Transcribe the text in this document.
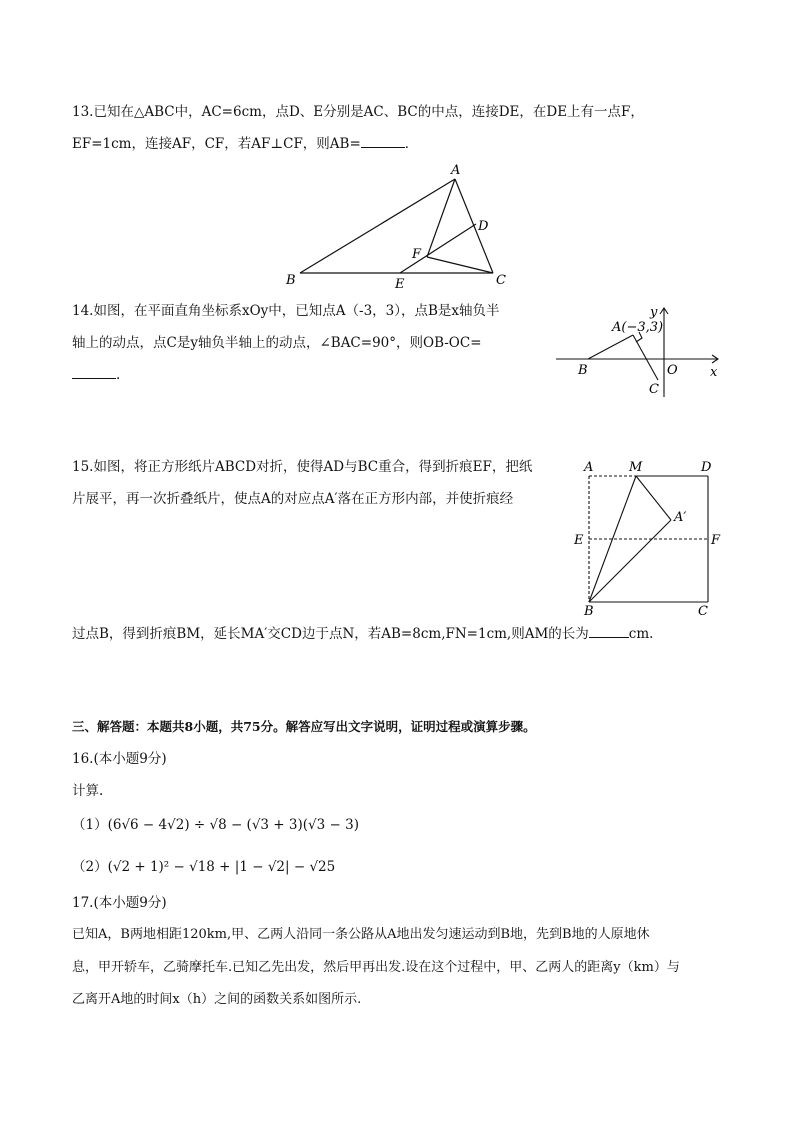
13.已知在△ABC中，AC=6cm，点D、E分别是AC、BC的中点，连接DE，在DE上有一点F，
EF=1cm，连接AF，CF，若AF⊥CF，则AB=	．
A
B	C
D
E
F
14.如图，在平面直角坐标系xOy中，已知点A（-3，3），点B是x轴负半
轴上的动点，点C是y轴负半轴上的动点，∠BAC=90°，则OB-OC=
.
y
A(−3,3)
B	O x
C
15.如图，将正方形纸片ABCD对折，使得AD与BC重合，得到折痕EF，把纸
片展平，再一次折叠纸片，使点A的对应点A′落在正方形内部，并使折痕经
过点B，得到折痕BM，延长MA′交CD边于点N，若AB=8cm,FN=1cm,则AM的长为	cm.
A	M	D
A′
E	F
B	C
三、解答题：本题共8小题，共75分。解答应写出文字说明，证明过程或演算步骤。
16.(本小题9分)
计算.
（1）(6√6 − 4√2) ÷ √8 − (√3 + 3)(√3 − 3)
（2）(√2 + 1)² − √18 + |1 − √2| − √25
17.(本小题9分)
已知A，B两地相距120km,甲、乙两人沿同一条公路从A地出发匀速运动到B地，先到B地的人原地休
息，甲开轿车，乙骑摩托车.已知乙先出发，然后甲再出发.设在这个过程中，甲、乙两人的距离y（km）与
乙离开A地的时间x（h）之间的函数关系如图所示.
